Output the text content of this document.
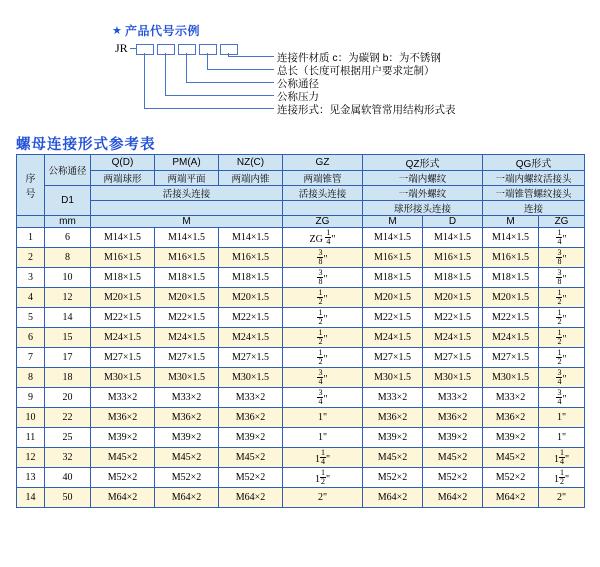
★ 产品代号示例
JR
连接件材质 c：为碳钢 b：为不锈钢
总长（长度可根据用户要求定制）
公称通径
公称压力
连接形式：见金属软管常用结构形式表
螺母连接形式参考表
序
号	公称通径	Q(D)	PM(A)	NZ(C)	GZ	QZ形式		QG形式	
		两端球形	两端平面	两端内锥	两端锥管	一端内螺纹		一端内螺纹活接头	
	D1	活接头连接			活接头连接	一端外螺纹		一端锥管螺纹接头	
						球形接头连接		连接	
	mm	M			ZG	M	D	M	ZG
1	6	M14×1.5	M14×1.5	M14×1.5	ZG $\frac{1}{4}$ "	M14×1.5	M14×1.5	M14×1.5	$\frac{1}{4}$ "
2	8	M16×1.5	M16×1.5	M16×1.5	$\frac{3}{8}$ "	M16×1.5	M16×1.5	M16×1.5	$\frac{3}{8}$ "
3	10	M18×1.5	M18×1.5	M18×1.5	$\frac{3}{8}$ "	M18×1.5	M18×1.5	M18×1.5	$\frac{3}{8}$ "
4	12	M20×1.5	M20×1.5	M20×1.5	$\frac{1}{2}$ "	M20×1.5	M20×1.5	M20×1.5	$\frac{1}{2}$ "
5	14	M22×1.5	M22×1.5	M22×1.5	$\frac{1}{2}$ "	M22×1.5	M22×1.5	M22×1.5	$\frac{1}{2}$ "
6	15	M24×1.5	M24×1.5	M24×1.5	$\frac{1}{2}$ "	M24×1.5	M24×1.5	M24×1.5	$\frac{1}{2}$ "
7	17	M27×1.5	M27×1.5	M27×1.5	$\frac{1}{2}$ "	M27×1.5	M27×1.5	M27×1.5	$\frac{1}{2}$ "
8	18	M30×1.5	M30×1.5	M30×1.5	$\frac{3}{4}$ "	M30×1.5	M30×1.5	M30×1.5	$\frac{3}{4}$ "
9	20	M33×2	M33×2	M33×2	$\frac{3}{4}$ "	M33×2	M33×2	M33×2	$\frac{3}{4}$ "
10	22	M36×2	M36×2	M36×2	1"	M36×2	M36×2	M36×2	1"
11	25	M39×2	M39×2	M39×2	1"	M39×2	M39×2	M39×2	1"
12	32	M45×2	M45×2	M45×2	$1 \frac{1}{4}$ "	M45×2	M45×2	M45×2	$1 \frac{1}{4}$ "
13	40	M52×2	M52×2	M52×2	$1 \frac{1}{2}$ "	M52×2	M52×2	M52×2	$1 \frac{1}{2}$ "
14	50	M64×2	M64×2	M64×2	2"	M64×2	M64×2	M64×2	2"
